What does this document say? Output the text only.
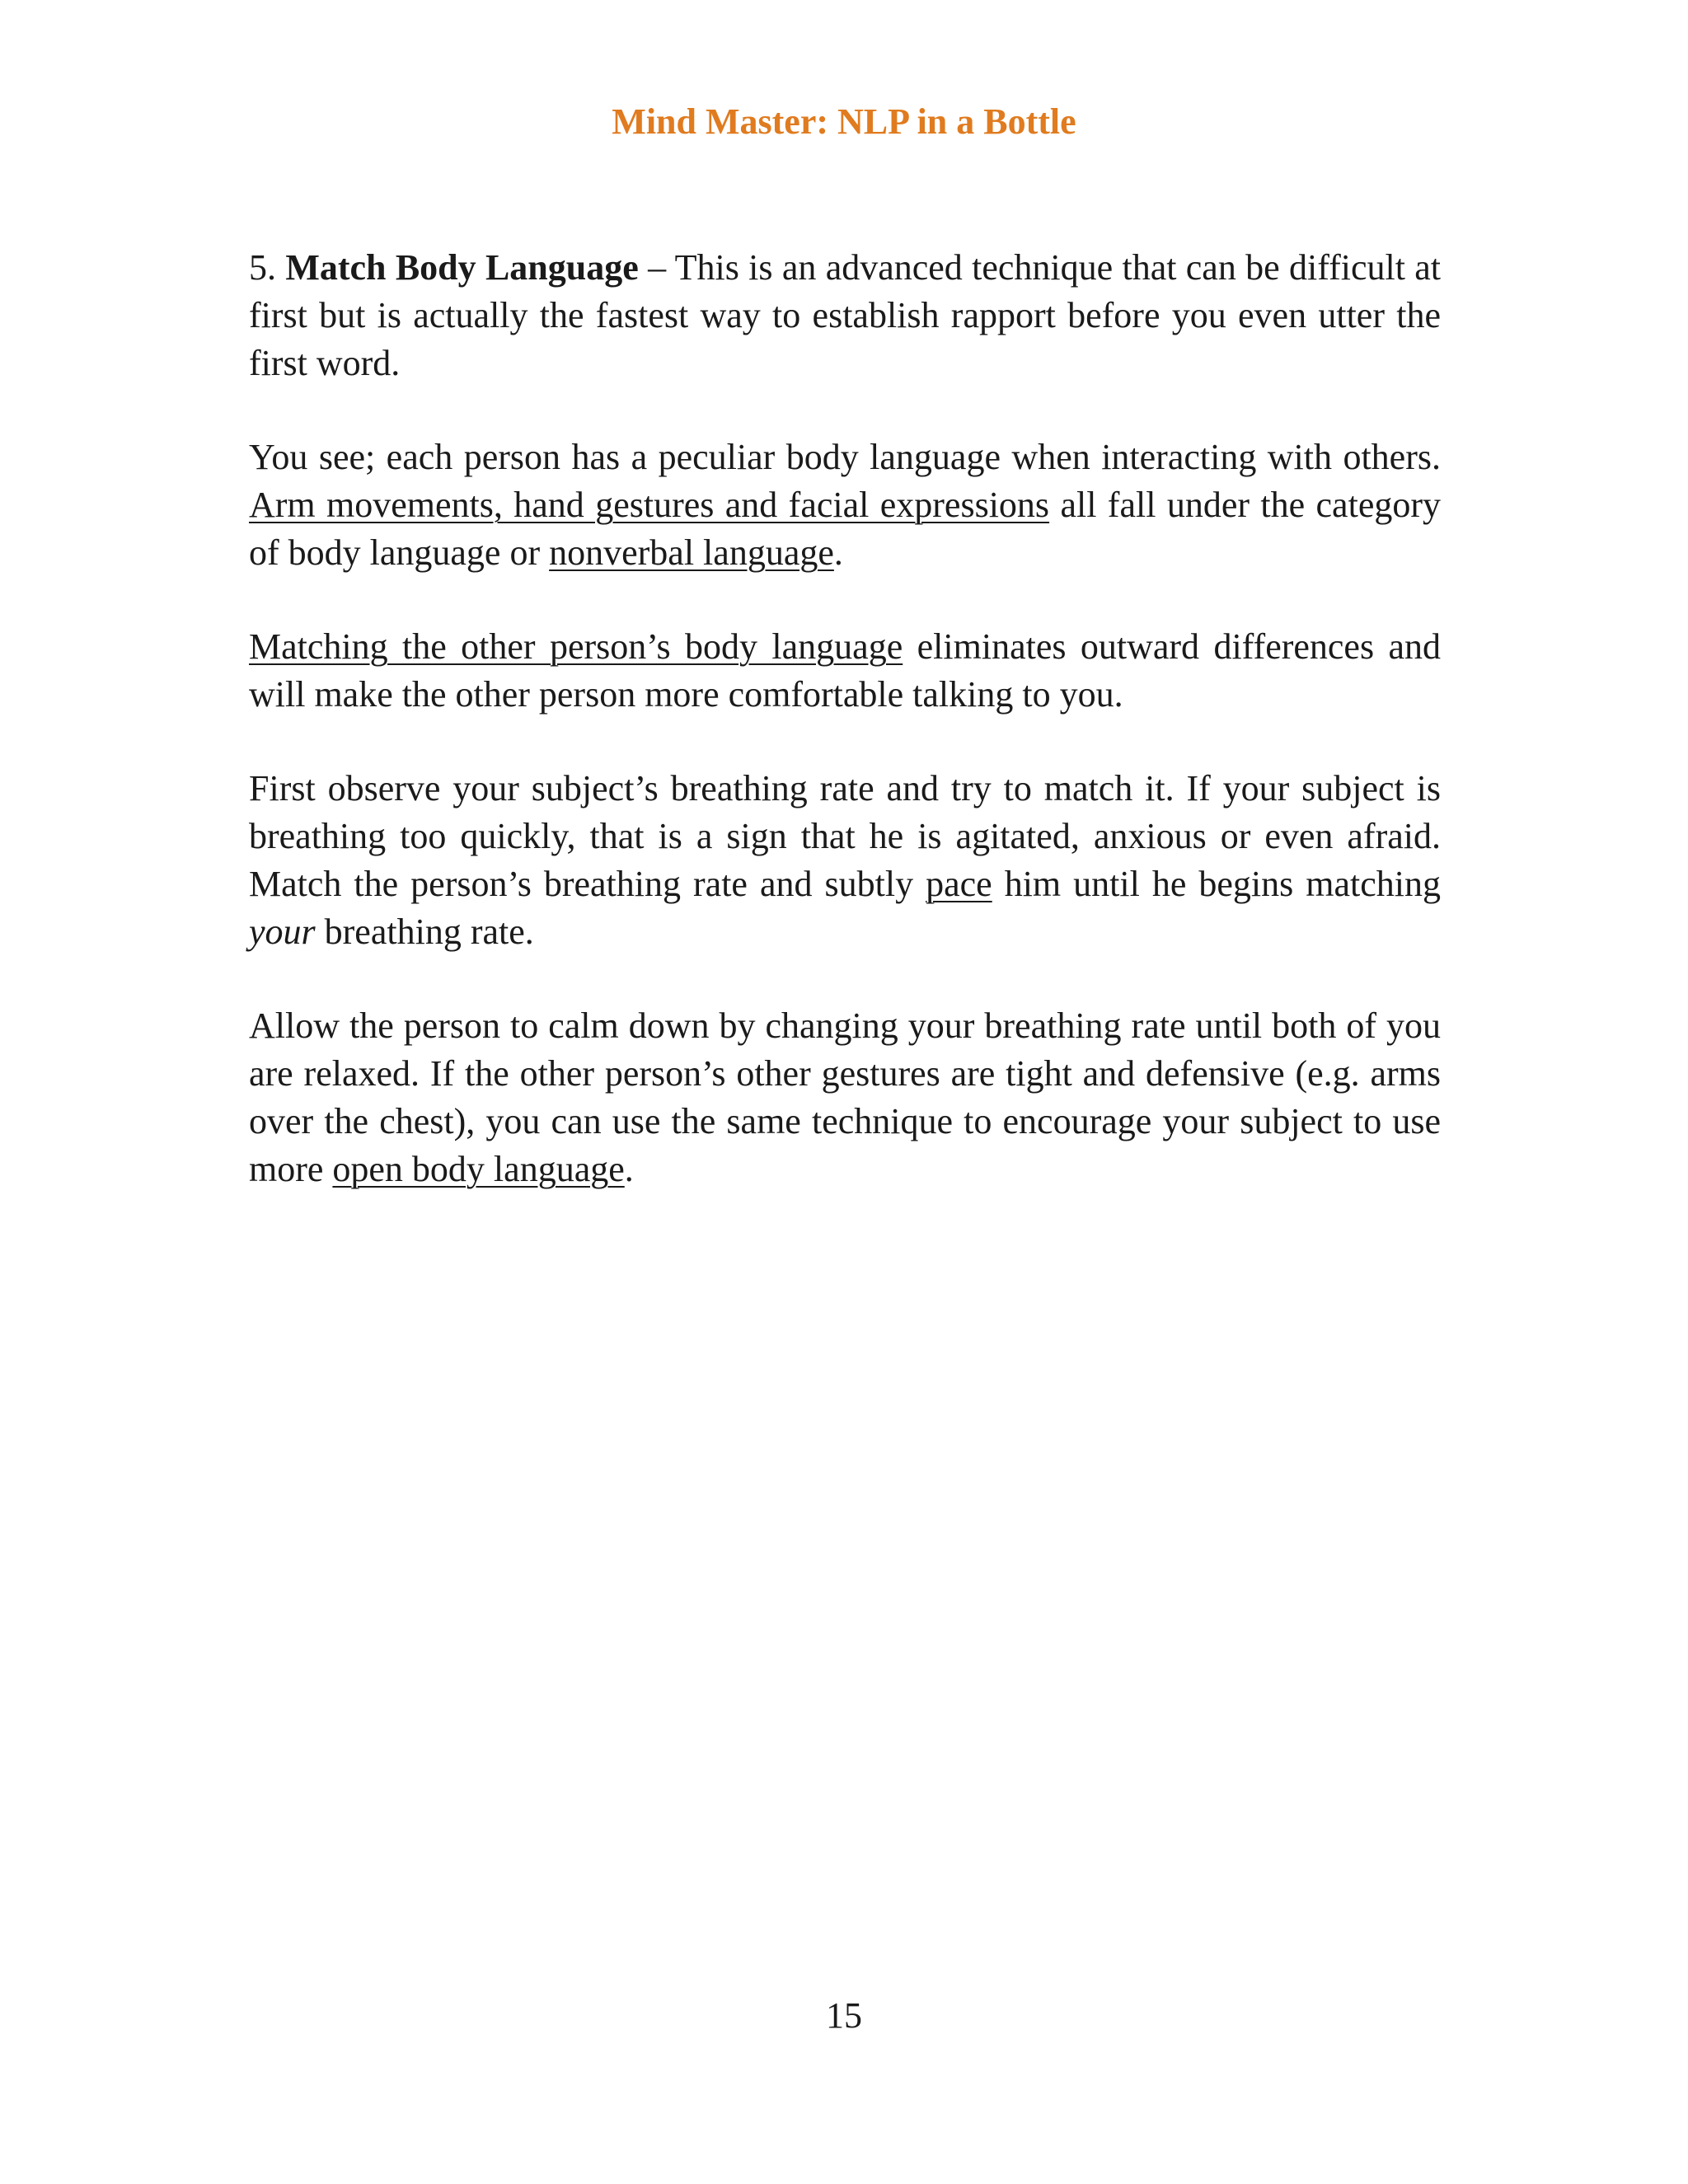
Mind Master: NLP in a Bottle

5. Match Body Language – This is an advanced technique that can be difficult at first but is actually the fastest way to establish rapport before you even utter the first word.

You see; each person has a peculiar body language when interacting with others. Arm movements, hand gestures and facial expressions all fall under the category of body language or nonverbal language.

Matching the other person’s body language eliminates outward differences and will make the other person more comfortable talking to you.

First observe your subject’s breathing rate and try to match it. If your subject is breathing too quickly, that is a sign that he is agitated, anxious or even afraid. Match the person’s breathing rate and subtly pace him until he begins matching your breathing rate.

Allow the person to calm down by changing your breathing rate until both of you are relaxed. If the other person’s other gestures are tight and defensive (e.g. arms over the chest), you can use the same technique to encourage your subject to use more open body language.

15
